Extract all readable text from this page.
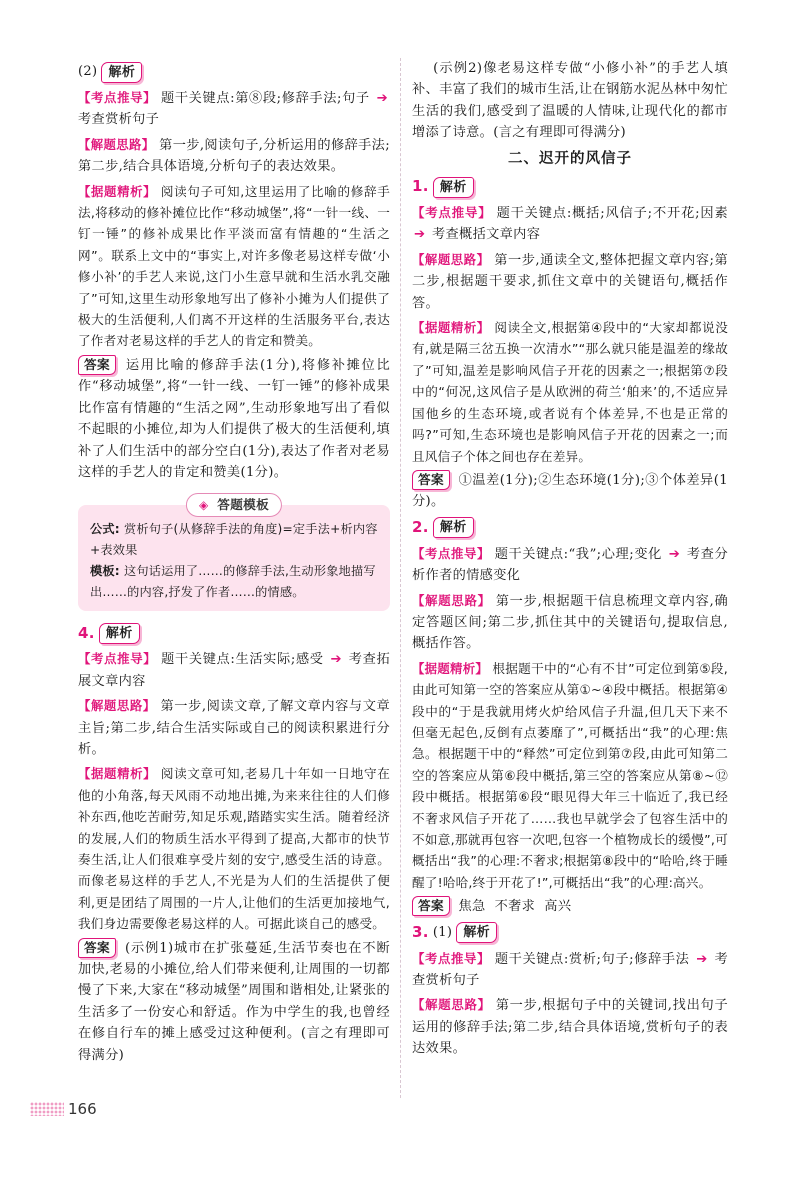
(2) 解析

【考点推导】 题干关键点:第⑧段;修辞手法;句子 ➔ 考查赏析句子

【解题思路】 第一步,阅读句子,分析运用的修辞手法;第二步,结合具体语境,分析句子的表达效果。

【据题精析】 阅读句子可知,这里运用了比喻的修辞手法,将移动的修补摊位比作“移动城堡”,将“一针一线、一钉一锤”的修补成果比作平淡而富有情趣的“生活之网”。联系上文中的“事实上,对许多像老易这样专做‘小修小补’的手艺人来说,这门小生意早就和生活水乳交融了”可知,这里生动形象地写出了修补小摊为人们提供了极大的生活便利,人们离不开这样的生活服务平台,表达了作者对老易这样的手艺人的肯定和赞美。

答案 运用比喻的修辞手法(1分),将修补摊位比作“移动城堡”,将“一针一线、一钉一锤”的修补成果比作富有情趣的“生活之网”,生动形象地写出了看似不起眼的小摊位,却为人们提供了极大的生活便利,填补了人们生活中的部分空白(1分),表达了作者对老易这样的手艺人的肯定和赞美(1分)。

◈ 答题模板
公式: 赏析句子(从修辞手法的角度)=定手法+析内容+表效果
模板: 这句话运用了……的修辞手法,生动形象地描写出……的内容,抒发了作者……的情感。
4. 解析

【考点推导】 题干关键点:生活实际;感受 ➔ 考查拓展文章内容

【解题思路】 第一步,阅读文章,了解文章内容与文章主旨;第二步,结合生活实际或自己的阅读积累进行分析。

【据题精析】 阅读文章可知,老易几十年如一日地守在他的小角落,每天风雨不动地出摊,为来来往往的人们修补东西,他吃苦耐劳,知足乐观,踏踏实实生活。随着经济的发展,人们的物质生活水平得到了提高,大都市的快节奏生活,让人们很难享受片刻的安宁,感受生活的诗意。而像老易这样的手艺人,不光是为人们的生活提供了便利,更是团结了周围的一片人,让他们的生活更加接地气,我们身边需要像老易这样的人。可据此谈自己的感受。

答案 (示例1)城市在扩张蔓延,生活节奏也在不断加快,老易的小摊位,给人们带来便利,让周围的一切都慢了下来,大家在“移动城堡”周围和谐相处,让紧张的生活多了一份安心和舒适。作为中学生的我,也曾经在修自行车的摊上感受过这种便利。(言之有理即可得满分)

(示例2)像老易这样专做“小修小补”的手艺人填补、丰富了我们的城市生活,让在钢筋水泥丛林中匆忙生活的我们,感受到了温暖的人情味,让现代化的都市增添了诗意。(言之有理即可得满分)

二、迟开的风信子
1. 解析

【考点推导】 题干关键点:概括;风信子;不开花;因素 ➔ 考查概括文章内容

【解题思路】 第一步,通读全文,整体把握文章内容;第二步,根据题干要求,抓住文章中的关键语句,概括作答。

【据题精析】 阅读全文,根据第④段中的“大家却都说没有,就是隔三岔五换一次清水”“那么就只能是温差的缘故了”可知,温差是影响风信子开花的因素之一;根据第⑦段中的“何况,这风信子是从欧洲的荷兰‘舶来’的,不适应异国他乡的生态环境,或者说有个体差异,不也是正常的吗?”可知,生态环境也是影响风信子开花的因素之一;而且风信子个体之间也存在差异。

答案 ①温差(1分);②生态环境(1分);③个体差异(1分)。

2. 解析

【考点推导】 题干关键点:“我”;心理;变化 ➔ 考查分析作者的情感变化

【解题思路】 第一步,根据题干信息梳理文章内容,确定答题区间;第二步,抓住其中的关键语句,提取信息,概括作答。

【据题精析】 根据题干中的“心有不甘”可定位到第⑤段,由此可知第一空的答案应从第①~④段中概括。根据第④段中的“于是我就用烤火炉给风信子升温,但几天下来不但毫无起色,反倒有点萎靡了”,可概括出“我”的心理:焦急。根据题干中的“释然”可定位到第⑦段,由此可知第二空的答案应从第⑥段中概括,第三空的答案应从第⑧~⑫段中概括。根据第⑥段“眼见得大年三十临近了,我已经不奢求风信子开花了……我也早就学会了包容生活中的不如意,那就再包容一次吧,包容一个植物成长的缓慢”,可概括出“我”的心理:不奢求;根据第⑧段中的“哈哈,终于睡醒了!哈哈,终于开花了!”,可概括出“我”的心理:高兴。

答案 焦急  不奢求  高兴

3. (1) 解析

【考点推导】 题干关键点:赏析;句子;修辞手法 ➔ 考查赏析句子

【解题思路】 第一步,根据句子中的关键词,找出句子运用的修辞手法;第二步,结合具体语境,赏析句子的表达效果。

166
